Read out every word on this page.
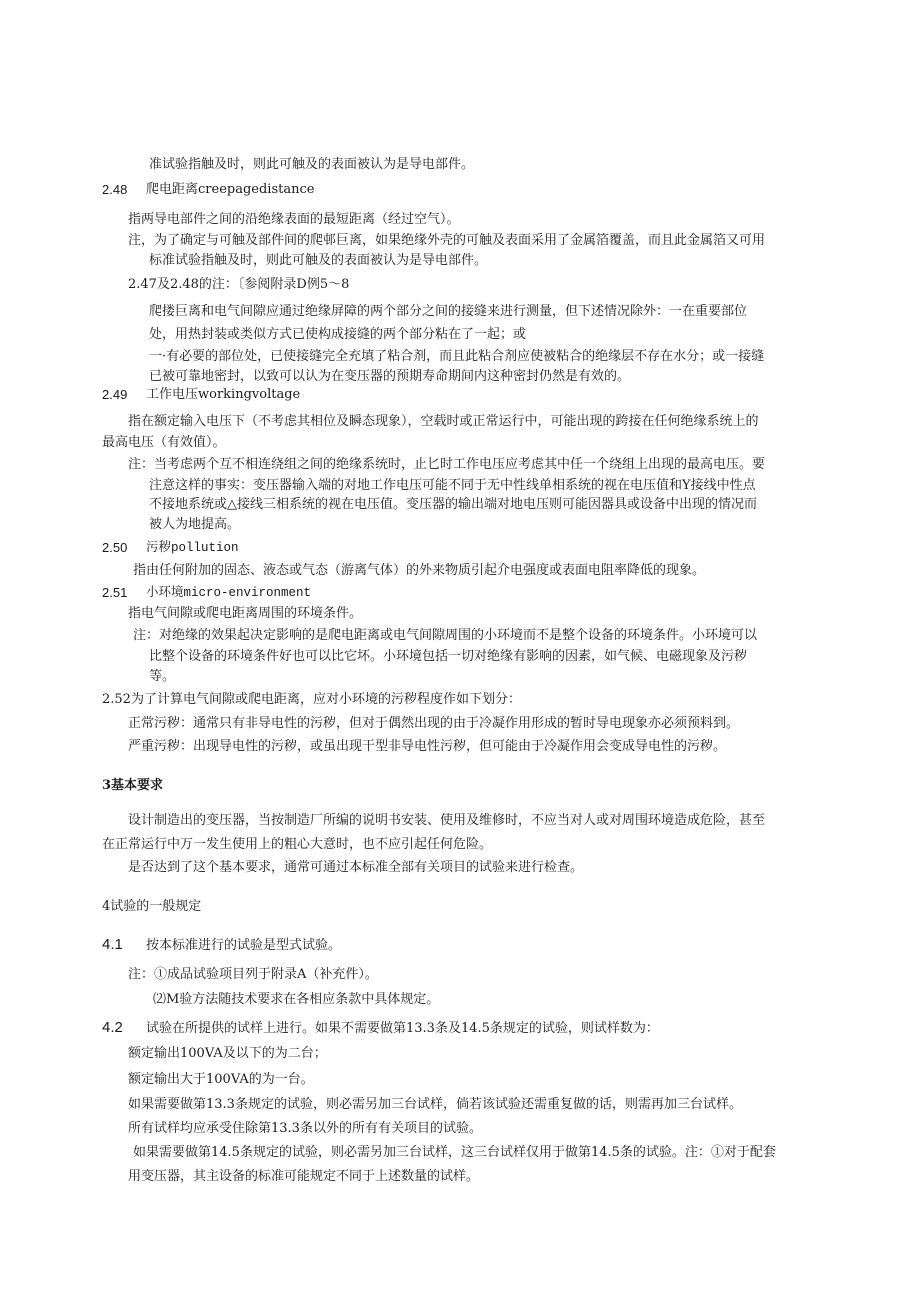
准试验指触及时，则此可触及的表面被认为是导电部件。
2.48 爬电距离creepagedistance
指两导电部件之间的沿绝缘表面的最短距离（经过空气）。
注，为了确定与可触及部件间的爬邨巨离，如果绝缘外壳的可触及表面采用了金属箔覆盖，而且此金属箔又可用
标准试验指触及时，则此可触及的表面被认为是导电部件。
2.47及2.48的注：〔参阅附录D例5〜8
爬搂巨离和电气间隙应通过绝缘屏障的两个部分之间的接缝来进行测量，但下述情况除外：一在重要部位
处，用热封装或类似方式已使构成接缝的两个部分粘在了一起；或
一·有必要的部位处，已使接缝完全充填了粘合剂，而且此粘合剂应使被粘合的绝缘层不存在水分；或一接缝
已被可靠地密封，以致可以认为在变压器的预期寿命期间内这种密封仍然是有效的。
2.49 工作电压workingvoltage
指在额定输入电压下（不考虑其相位及瞬态现象），空载时或正常运行中，可能出现的跨接在任何绝缘系统上的
最高电压（有效值）。
注：当考虑两个互不相连绕组之间的绝缘系统时，止匕时工作电压应考虑其中任一个绕组上出现的最高电压。要
注意这样的事实：变压器输入端的对地工作电压可能不同于无中性线单相系统的视在电压值和Y接线中性点
不接地系统或△接线三相系统的视在电压值。变压器的输出端对地电压则可能因器具或设备中出现的情况而
被人为地提高。
2.50 污秽pollution
指由任何附加的固态、液态或气态（游离气体）的外来物质引起介电强度或表面电阻率降低的现象。
2.51 小环境micro-environment
指电气间隙或爬电距离周围的环境条件。
注：对绝缘的效果起决定影响的是爬电距离或电气间隙周围的小环境而不是整个设备的环境条件。小环境可以
比整个设备的环境条件好也可以比它坏。小环境包括一切对绝缘有影响的因素，如气候、电磁现象及污秽
等。
2.52为了计算电气间隙或爬电距离，应对小环境的污秽程度作如下划分：
正常污秽：通常只有非导电性的污秽，但对于偶然出现的由于冷凝作用形成的暂时导电现象亦必须预料到。
严重污秽：出现导电性的污秽，或虽出现干型非导电性污秽，但可能由于冷凝作用会变成导电性的污秽。
3基本要求
设计制造出的变压器，当按制造厂所编的说明书安装、使用及维修时，不应当对人或对周围环境造成危险，甚至
在正常运行中万一发生使用上的粗心大意时，也不应引起任何危险。
是否达到了这个基本要求，通常可通过本标准全部有关项目的试验来进行检查。
4试验的一般规定
4.1 按本标准进行的试验是型式试验。
注：①成品试验项目列于附录A（补充件）。
⑵M验方法随技术要求在各相应条款中具体规定。
4.2 试验在所提供的试样上进行。如果不需要做第13.3条及14.5条规定的试验，则试样数为：
额定输出100VA及以下的为二台；
额定输出大于100VA的为一台。
如果需要做第13.3条规定的试验，则必需另加三台试样，倘若该试验还需重复做的话，则需再加三台试样。
所有试样均应承受住除第13.3条以外的所有有关项目的试验。
如果需要做第14.5条规定的试验，则必需另加三台试样，这三台试样仅用于做第14.5条的试验。注：①对于配套
用变压器，其主设备的标准可能规定不同于上述数量的试样。
